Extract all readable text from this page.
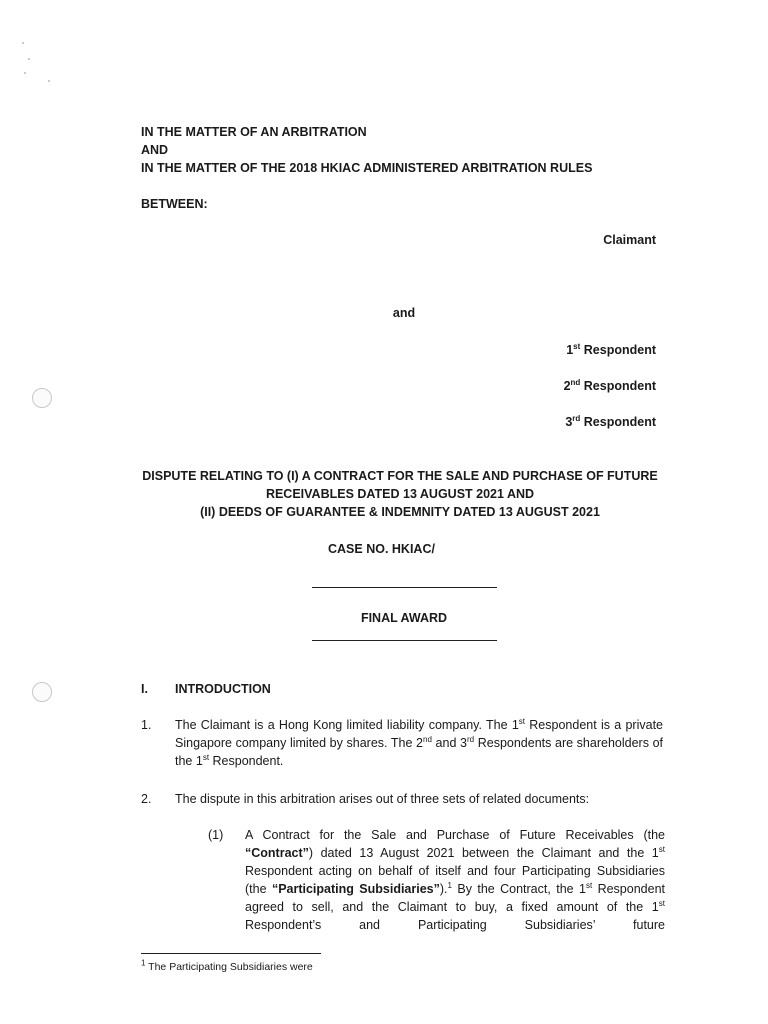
IN THE MATTER OF AN ARBITRATION
AND
IN THE MATTER OF THE 2018 HKIAC ADMINISTERED ARBITRATION RULES
BETWEEN:
Claimant
and
1st Respondent
2nd Respondent
3rd Respondent
DISPUTE RELATING TO (I) A CONTRACT FOR THE SALE AND PURCHASE OF FUTURE
RECEIVABLES DATED 13 AUGUST 2021 AND
(II) DEEDS OF GUARANTEE & INDEMNITY DATED 13 AUGUST 2021
CASE NO. HKIAC/
FINAL AWARD
I. INTRODUCTION
1. The Claimant is a Hong Kong limited liability company. The 1st Respondent is a private Singapore company limited by shares. The 2nd and 3rd Respondents are shareholders of the 1st Respondent.
2. The dispute in this arbitration arises out of three sets of related documents:
(1) A Contract for the Sale and Purchase of Future Receivables (the “Contract”) dated 13 August 2021 between the Claimant and the 1st Respondent acting on behalf of itself and four Participating Subsidiaries (the “Participating Subsidiaries”).$^1$ By the Contract, the 1st Respondent agreed to sell, and the Claimant to buy, a fixed amount of the 1st Respondent’s and Participating Subsidiaries’ future
$^1$ The Participating Subsidiaries were
